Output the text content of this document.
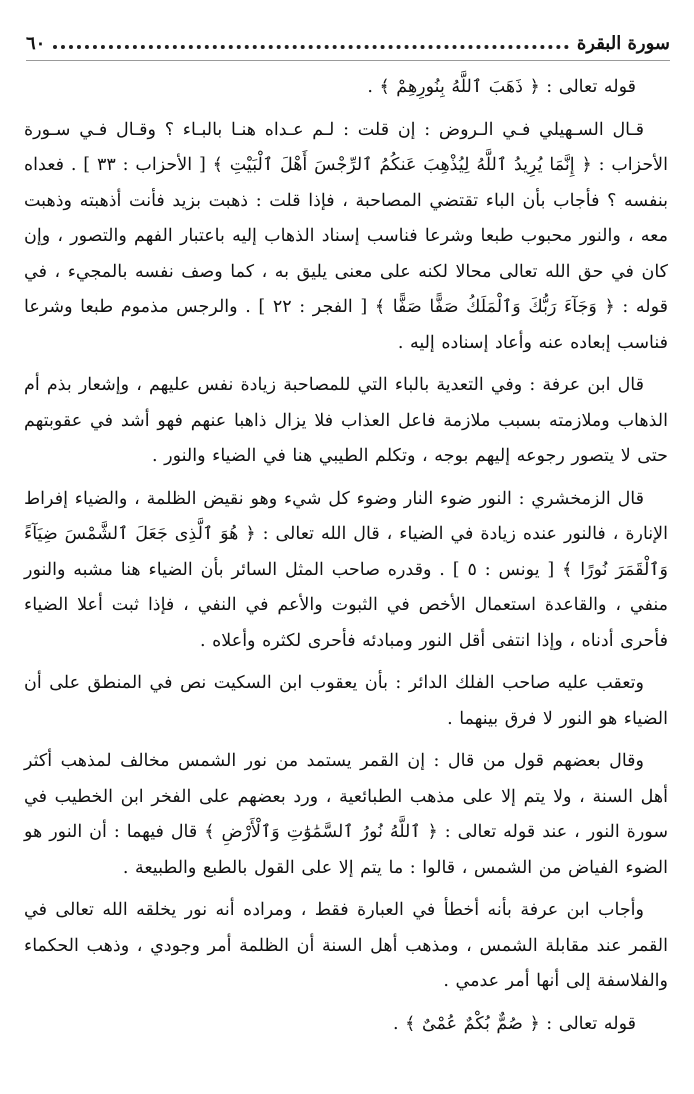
سورة البقرة
٦٠

قوله تعالى : ﴿ ذَهَبَ ٱللَّهُ بِنُورِهِمْ ﴾ .

قـال السـهيلي فـي الـروض : إن قلت : لـم عـداه هنـا بالبـاء ؟ وقـال فـي سـورة الأحزاب : ﴿ إِنَّمَا يُرِيدُ ٱللَّهُ لِيُذْهِبَ عَنكُمُ ٱلرِّجْسَ أَهْلَ ٱلْبَيْتِ ﴾ [ الأحزاب : ٣٣ ] . فعداه بنفسه ؟ فأجاب بأن الباء تقتضي المصاحبة ، فإذا قلت : ذهبت بزيد فأنت أذهبته وذهبت معه ، والنور محبوب طبعا وشرعا فناسب إسناد الذهاب إليه باعتبار الفهم والتصور ، وإن كان في حق الله تعالى محالا لكنه على معنى يليق به ، كما وصف نفسه بالمجيء ، في قوله : ﴿ وَجَآءَ رَبُّكَ وَٱلْمَلَكُ صَفًّا صَفًّا ﴾ [ الفجر : ٢٢ ] . والرجس مذموم طبعا وشرعا فناسب إبعاده عنه وأعاد إسناده إليه .

قال ابن عرفة : وفي التعدية بالباء التي للمصاحبة زيادة نفس عليهم ، وإشعار بذم أم الذهاب وملازمته بسبب ملازمة فاعل العذاب فلا يزال ذاهبا عنهم فهو أشد في عقوبتهم حتى لا يتصور رجوعه إليهم بوجه ، وتكلم الطيبي هنا في الضياء والنور .

قال الزمخشري : النور ضوء النار وضوء كل شيء وهو نقيض الظلمة ، والضياء إفراط الإنارة ، فالنور عنده زيادة في الضياء ، قال الله تعالى : ﴿ هُوَ ٱلَّذِى جَعَلَ ٱلشَّمْسَ ضِيَآءً وَٱلْقَمَرَ نُورًا ﴾ [ يونس : ٥ ] . وقدره صاحب المثل السائر بأن الضياء هنا مشبه والنور منفي ، والقاعدة استعمال الأخص في الثبوت والأعم في النفي ، فإذا ثبت أعلا الضياء فأحرى أدناه ، وإذا انتفى أقل النور ومبادئه فأحرى لكثره وأعلاه .

وتعقب عليه صاحب الفلك الدائر : بأن يعقوب ابن السكيت نص في المنطق على أن الضياء هو النور لا فرق بينهما .

وقال بعضهم قول من قال : إن القمر يستمد من نور الشمس مخالف لمذهب أكثر أهل السنة ، ولا يتم إلا على مذهب الطبائعية ، ورد بعضهم على الفخر ابن الخطيب في سورة النور ، عند قوله تعالى : ﴿ ٱللَّهُ نُورُ ٱلسَّمَٰوَٰتِ وَٱلْأَرْضِ ﴾ قال فيهما : أن النور هو الضوء الفياض من الشمس ، قالوا : ما يتم إلا على القول بالطبع والطبيعة .

وأجاب ابن عرفة بأنه أخطأ في العبارة فقط ، ومراده أنه نور يخلقه الله تعالى في القمر عند مقابلة الشمس ، ومذهب أهل السنة أن الظلمة أمر وجودي ، وذهب الحكماء والفلاسفة إلى أنها أمر عدمي .

قوله تعالى : ﴿ صُمٌّ بُكْمٌ عُمْىٌ ﴾ .
